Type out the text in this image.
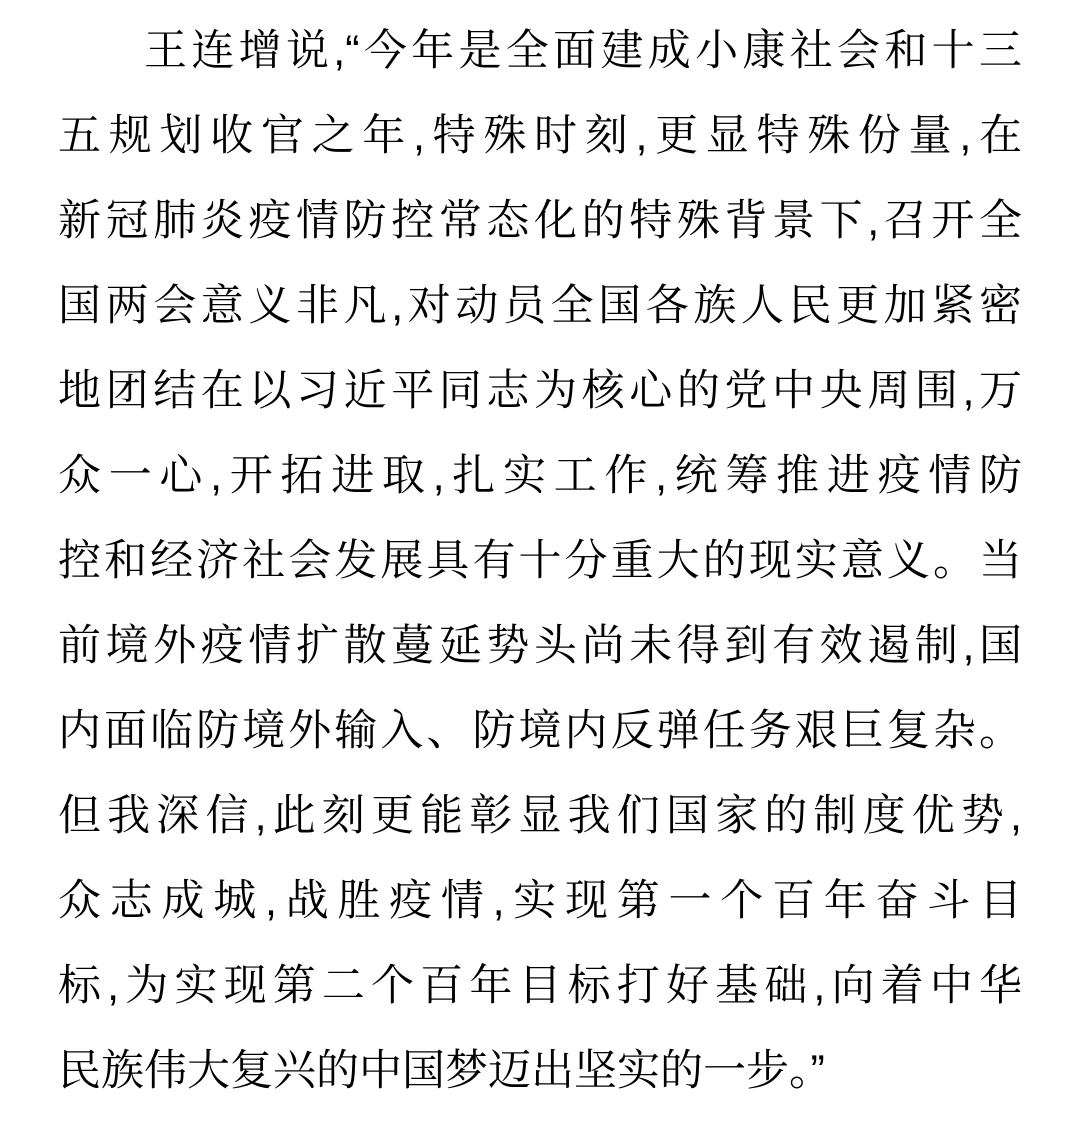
王连增说,“今年是全面建成小康社会和十三
五规划收官之年,特殊时刻,更显特殊份量,在
新冠肺炎疫情防控常态化的特殊背景下,召开全
国两会意义非凡,对动员全国各族人民更加紧密
地团结在以习近平同志为核心的党中央周围,万
众一心,开拓进取,扎实工作,统筹推进疫情防
控和经济社会发展具有十分重大的现实意义。当
前境外疫情扩散蔓延势头尚未得到有效遏制,国
内面临防境外输入、防境内反弹任务艰巨复杂。
但我深信,此刻更能彰显我们国家的制度优势,
众志成城,战胜疫情,实现第一个百年奋斗目
标,为实现第二个百年目标打好基础,向着中华
民族伟大复兴的中国梦迈出坚实的一步。”
